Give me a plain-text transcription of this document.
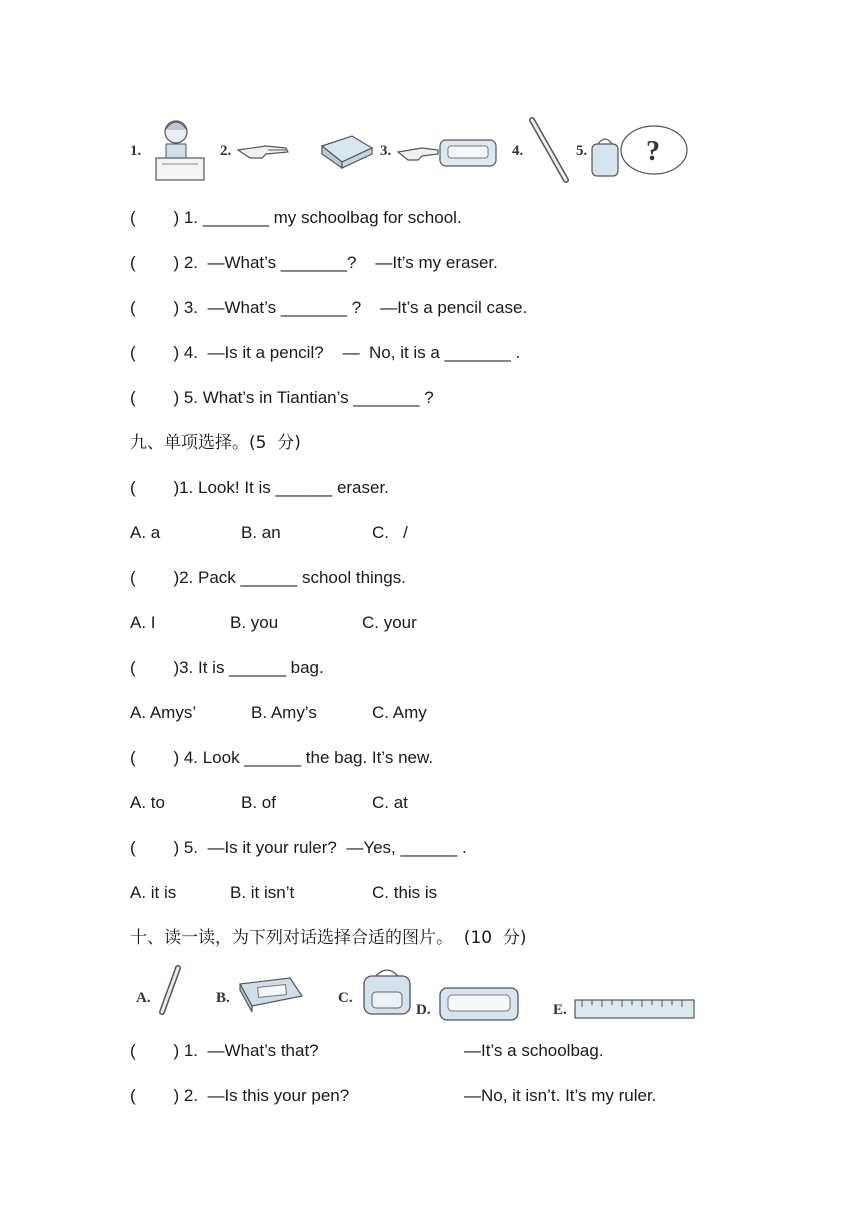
1.	2.	3.	4.	5. ?
(        ) 1. _______ my schoolbag for school.
(        ) 2.  —What’s _______?    —It’s my eraser.
(        ) 3.  —What’s _______ ?    —It’s a pencil case.
(        ) 4.  —Is it a pencil?    —  No, it is a _______ .
(        ) 5. What’s in Tiantian’s _______ ?
九、单项选择。(5  分)
(        )1. Look! It is ______ eraser.
A. a	B. an	C.   /
(        )2. Pack ______ school things.
A. I	B. you	C. your
(        )3. It is ______ bag.
A. Amys’	B. Amy’s	C. Amy
(        ) 4. Look ______ the bag. It’s new.
A. to	B. of	C. at
(        ) 5.  —Is it your ruler?  —Yes, ______ .
A. it is	B. it isn’t	C. this is
十、读一读，为下列对话选择合适的图片。  (10  分)
A.	B.	C.
D.	E.
(        ) 1.  —What’s that?	—It’s a schoolbag.
(        ) 2.  —Is this your pen?	—No, it isn’t. It’s my ruler.
